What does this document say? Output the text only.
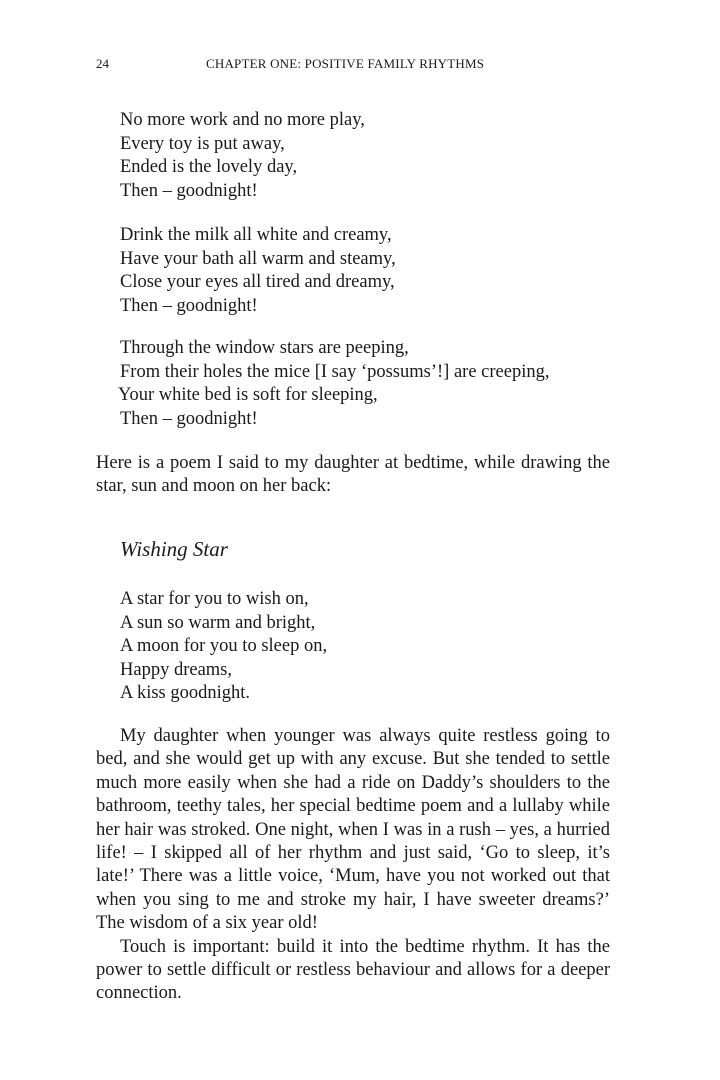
24	CHAPTER ONE: POSITIVE FAMILY RHYTHMS
No more work and no more play,
Every toy is put away,
Ended is the lovely day,
Then – goodnight!
Drink the milk all white and creamy,
Have your bath all warm and steamy,
Close your eyes all tired and dreamy,
Then – goodnight!
Through the window stars are peeping,
From their holes the mice [I say ‘possums’!] are creeping,
Your white bed is soft for sleeping,
Then – goodnight!

Here is a poem I said to my daughter at bedtime, while drawing the star, sun and moon on her back:

Wishing Star
A star for you to wish on,
A sun so warm and bright,
A moon for you to sleep on,
Happy dreams,
A kiss goodnight.

My daughter when younger was always quite restless going to bed, and she would get up with any excuse. But she tended to settle much more easily when she had a ride on Daddy’s shoulders to the bathroom, teethy tales, her special bedtime poem and a lullaby while her hair was stroked. One night, when I was in a rush – yes, a hurried life! – I skipped all of her rhythm and just said, ‘Go to sleep, it’s late!’ There was a little voice, ‘Mum, have you not worked out that when you sing to me and stroke my hair, I have sweeter dreams?’ The wisdom of a six year old!

Touch is important: build it into the bedtime rhythm. It has the power to settle difficult or restless behaviour and allows for a deeper connection.
